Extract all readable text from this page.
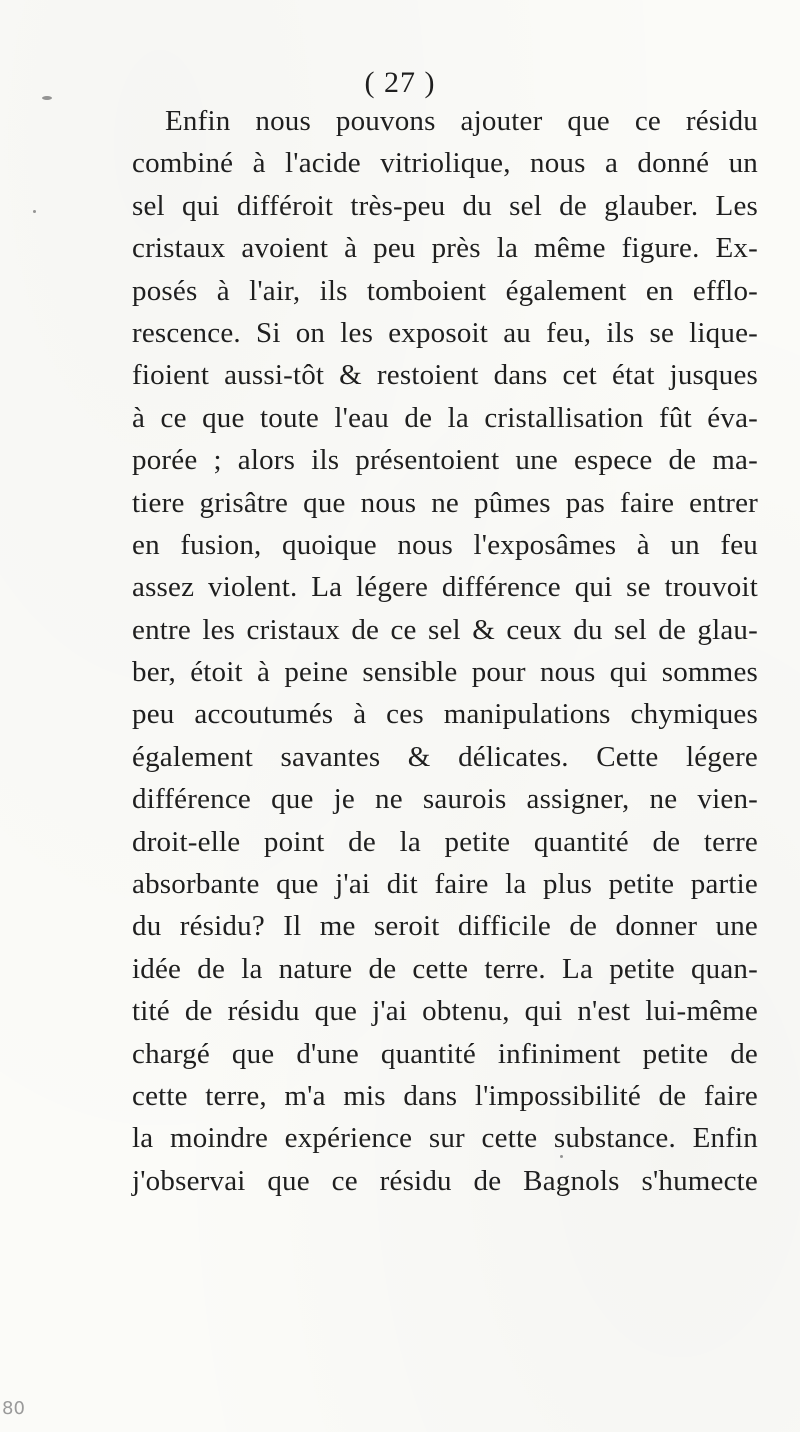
( 27 )
Enfin nous pouvons ajouter que ce résidu
combiné à l'acide vitriolique, nous a donné un
sel qui différoit très-peu du sel de glauber. Les
cristaux avoient à peu près la même figure. Ex-
posés à l'air, ils tomboient également en efflo-
rescence. Si on les exposoit au feu, ils se lique-
fioient aussi-tôt & restoient dans cet état jusques
à ce que toute l'eau de la cristallisation fût éva-
porée ; alors ils présentoient une espece de ma-
tiere grisâtre que nous ne pûmes pas faire entrer
en fusion, quoique nous l'exposâmes à un feu
assez violent. La légere différence qui se trouvoit
entre les cristaux de ce sel & ceux du sel de glau-
ber, étoit à peine sensible pour nous qui sommes
peu accoutumés à ces manipulations chymiques
également savantes & délicates. Cette légere
différence que je ne saurois assigner, ne vien-
droit-elle point de la petite quantité de terre
absorbante que j'ai dit faire la plus petite partie
du résidu? Il me seroit difficile de donner une
idée de la nature de cette terre. La petite quan-
tité de résidu que j'ai obtenu, qui n'est lui-même
chargé que d'une quantité infiniment petite de
cette terre, m'a mis dans l'impossibilité de faire
la moindre expérience sur cette substance. Enfin
j'observai que ce résidu de Bagnols s'humecte
80
